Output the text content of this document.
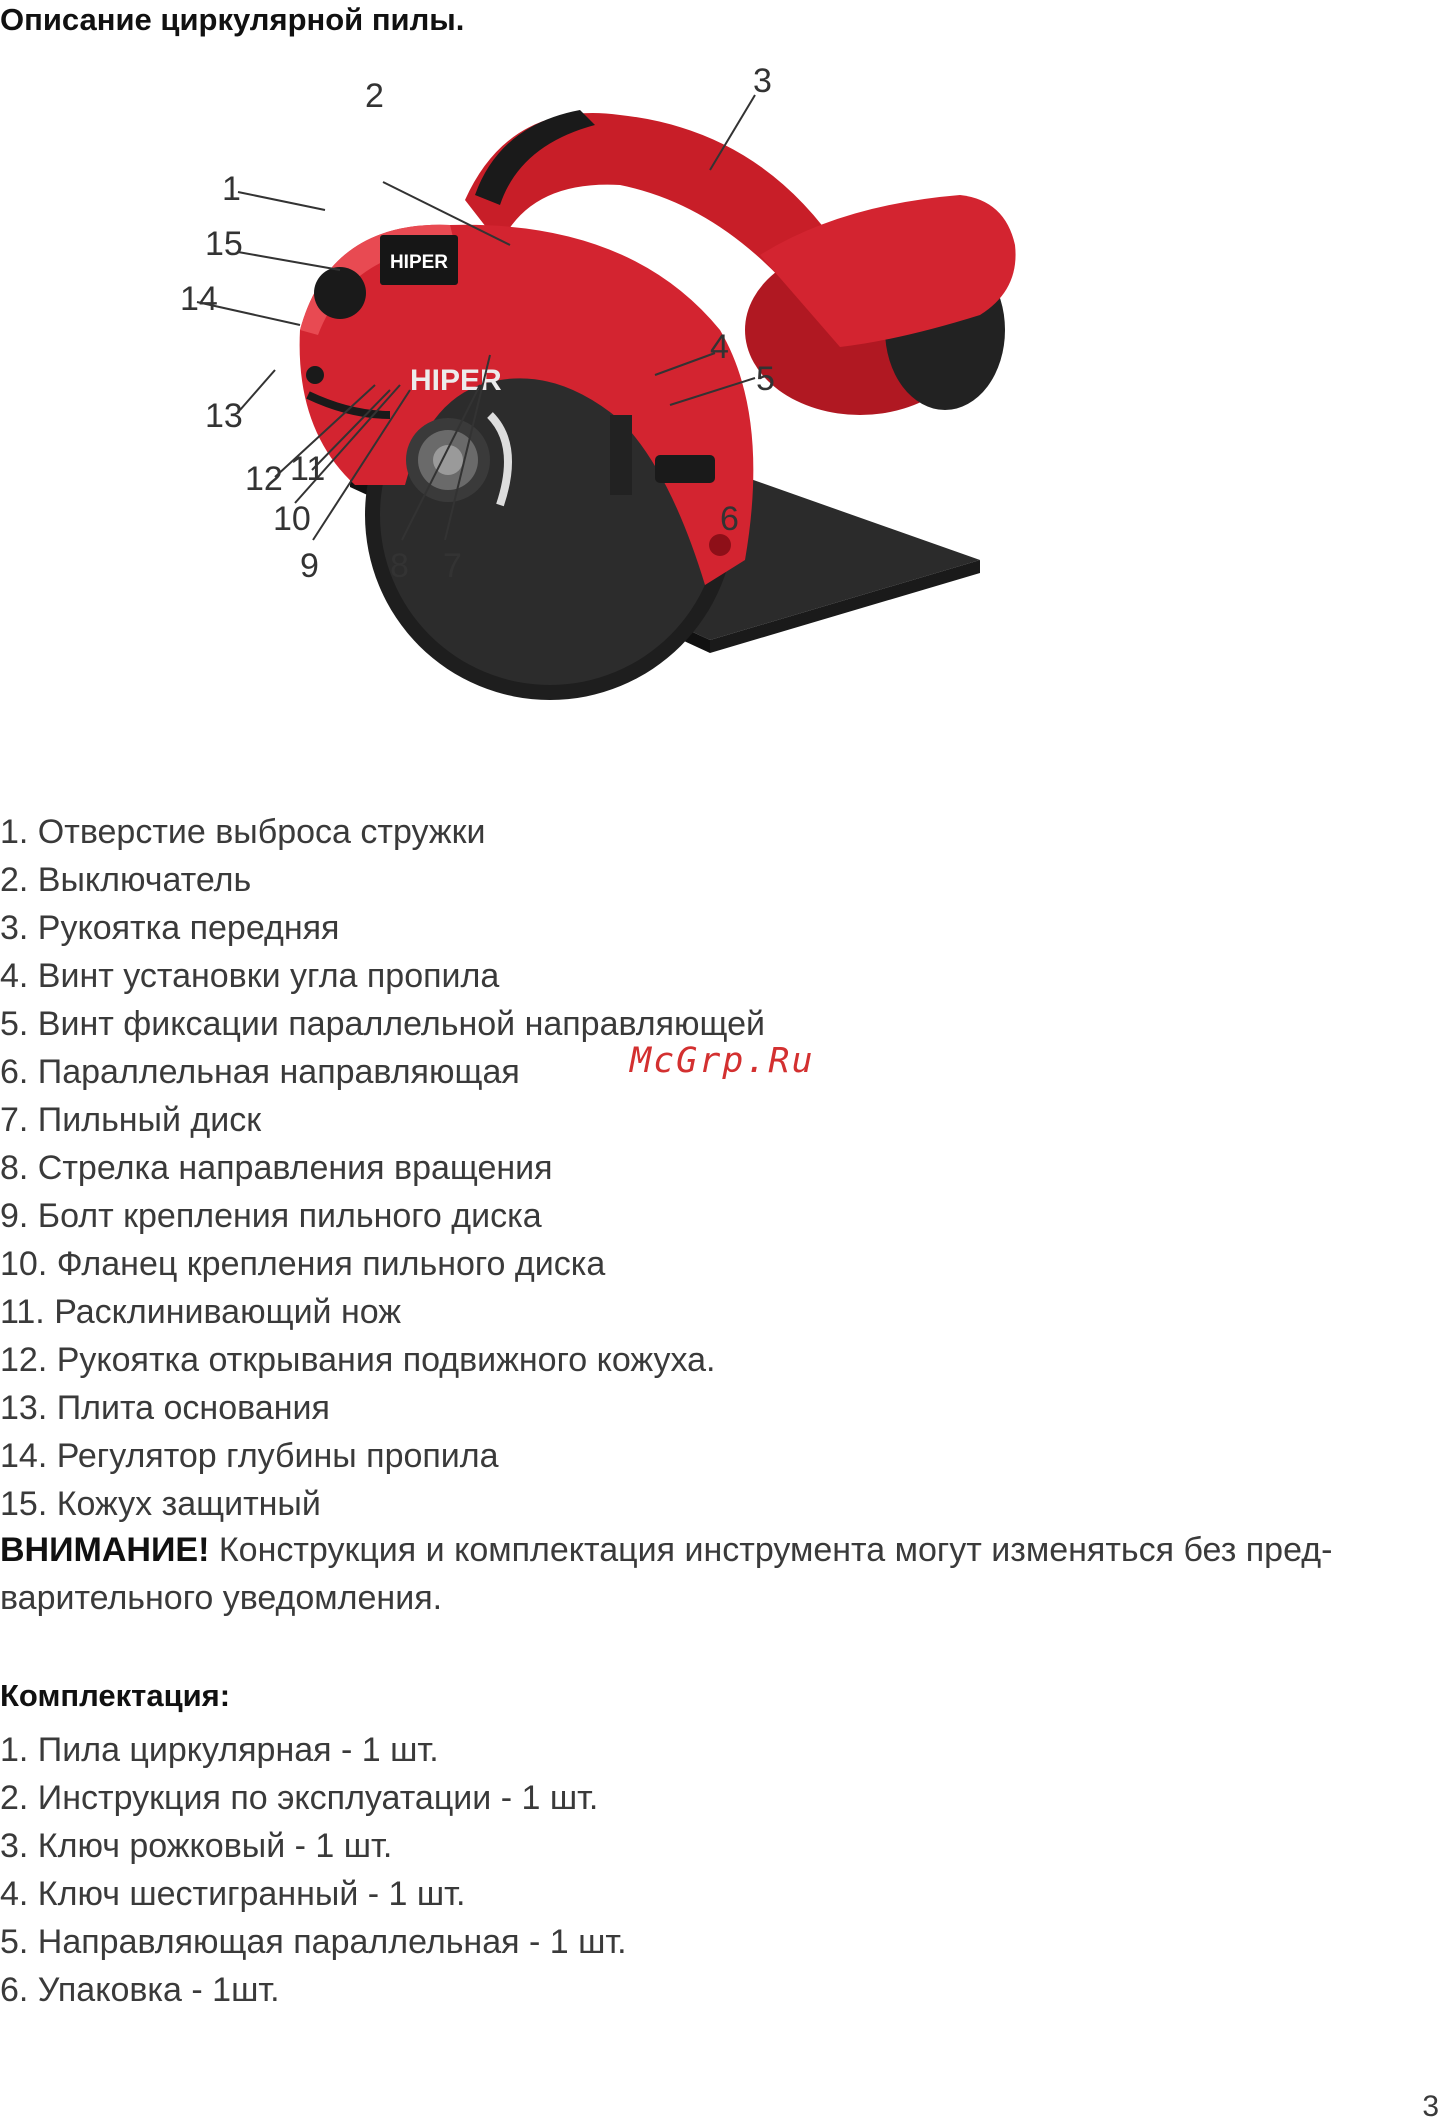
Описание циркулярной пилы.
HIPER
HIPER
1
2	3
4
5
6
7
8
9
10
11
12
13
14
15
1. Отверстие выброса стружки
2. Выключатель
3. Рукоятка передняя
4. Винт установки угла пропила
5. Винт фиксации параллельной направляющей
6. Параллельная направляющая
7. Пильный диск
8. Стрелка направления вращения
9. Болт крепления пильного диска
10. Фланец крепления пильного диска
11. Расклинивающий нож
12. Рукоятка открывания подвижного кожуха.
13. Плита основания
14. Регулятор глубины пропила
15. Кожух защитный
McGrp.Ru

ВНИМАНИЕ! Конструкция и комплектация инструмента могут изменяться без пред-
варительного уведомления.

Комплектация:
1. Пила циркулярная - 1 шт.
2. Инструкция по эксплуатации - 1 шт.
3. Ключ рожковый - 1 шт.
4. Ключ шестигранный - 1 шт.
5. Направляющая параллельная - 1 шт.
6. Упаковка - 1шт.
3
